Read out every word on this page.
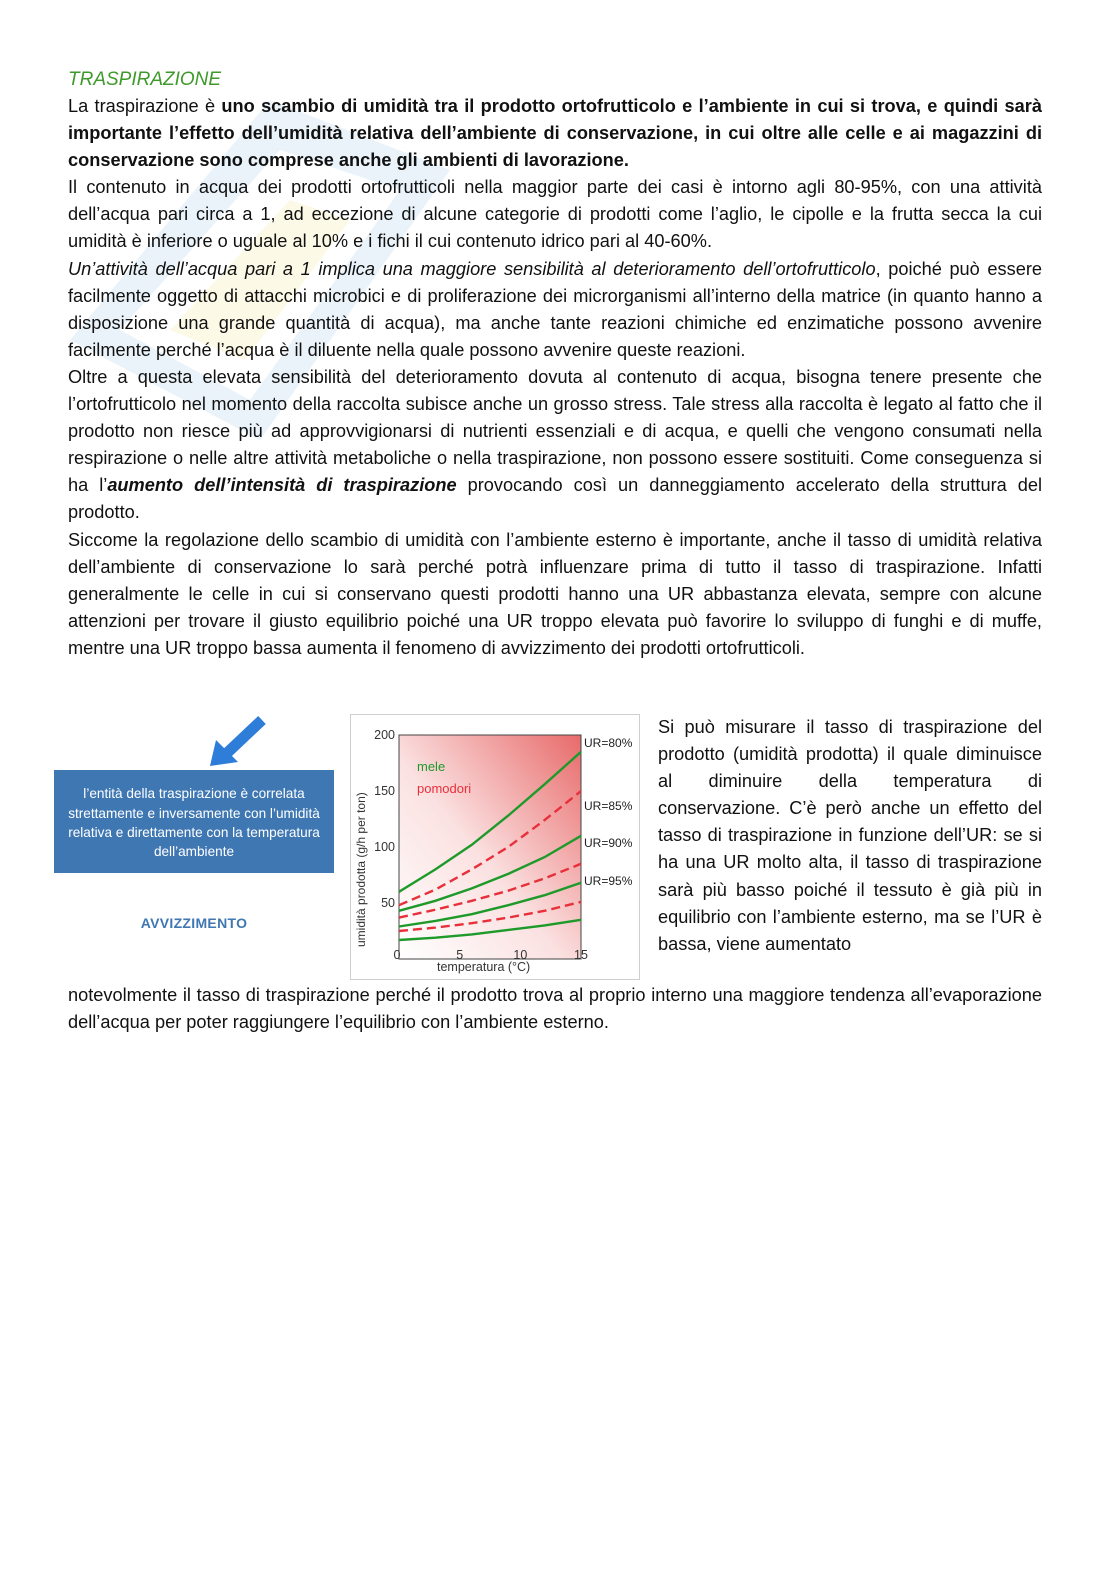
TRASPIRAZIONE

La traspirazione è uno scambio di umidità tra il prodotto ortofrutticolo e l’ambiente in cui si trova, e quindi sarà importante l’effetto dell’umidità relativa dell’ambiente di conservazione, in cui oltre alle celle e ai magazzini di conservazione sono comprese anche gli ambienti di lavorazione.

Il contenuto in acqua dei prodotti ortofrutticoli nella maggior parte dei casi è intorno agli 80-95%, con una attività dell’acqua pari circa a 1, ad eccezione di alcune categorie di prodotti come l’aglio, le cipolle e la frutta secca la cui umidità è inferiore o uguale al 10% e i fichi il cui contenuto idrico pari al 40-60%.

Un’attività dell’acqua pari a 1 implica una maggiore sensibilità al deterioramento dell’ortofrutticolo, poiché può essere facilmente oggetto di attacchi microbici e di proliferazione dei microrganismi all’interno della matrice (in quanto hanno a disposizione una grande quantità di acqua), ma anche tante reazioni chimiche ed enzimatiche possono avvenire facilmente perché l’acqua è il diluente nella quale possono avvenire queste reazioni.

Oltre a questa elevata sensibilità del deterioramento dovuta al contenuto di acqua, bisogna tenere presente che l’ortofrutticolo nel momento della raccolta subisce anche un grosso stress. Tale stress alla raccolta è legato al fatto che il prodotto non riesce più ad approvvigionarsi di nutrienti essenziali e di acqua, e quelli che vengono consumati nella respirazione o nelle altre attività metaboliche o nella traspirazione, non possono essere sostituiti. Come conseguenza si ha l’aumento dell’intensità di traspirazione provocando così un danneggiamento accelerato della struttura del prodotto.

Siccome la regolazione dello scambio di umidità con l’ambiente esterno è importante, anche il tasso di umidità relativa dell’ambiente di conservazione lo sarà perché potrà influenzare prima di tutto il tasso di traspirazione. Infatti generalmente le celle in cui si conservano questi prodotti hanno una UR abbastanza elevata, sempre con alcune attenzioni per trovare il giusto equilibrio poiché una UR troppo elevata può favorire lo sviluppo di funghi e di muffe, mentre una UR troppo bassa aumenta il fenomeno di avvizzimento dei prodotti ortofrutticoli.

l’entità della traspirazione è correlata strettamente e inversamente con l’umidità relativa e direttamente con la temperatura dell’ambiente
AVVIZZIMENTO
50
100
150
200
0	5	10	15
UR=80%
UR=85%
UR=90%
UR=95%
mele
pomodori
umidità prodotta (g/h per ton)
temperatura (°C)
Si può misurare il tasso di traspirazione del prodotto (umidità prodotta) il quale diminuisce al diminuire della temperatura di conservazione. C’è però anche un effetto del tasso di traspirazione in funzione dell’UR: se si ha una UR molto alta, il tasso di traspirazione sarà più basso poiché il tessuto è già più in equilibrio con l’ambiente esterno, ma se l’UR è bassa, viene aumentato

notevolmente il tasso di traspirazione perché il prodotto trova al proprio interno una maggiore tendenza all’evaporazione dell’acqua per poter raggiungere l’equilibrio con l’ambiente esterno.
